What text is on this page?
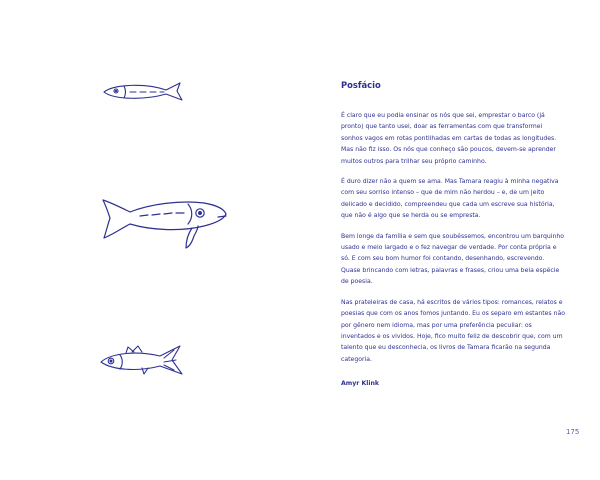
Posfácio

É claro que eu podia ensinar os nós que sei, emprestar o barco (já pronto) que tanto usei, doar as ferramentas com que transformei sonhos vagos em rotas pontilhadas em cartas de todas as longitudes. Mas não fiz isso. Os nós que conheço são poucos, devem-se aprender muitos outros para trilhar seu próprio caminho.

É duro dizer não a quem se ama. Mas Tamara reagiu à minha negativa com seu sorriso intenso – que de mim não herdou – e, de um jeito delicado e decidido, compreendeu que cada um escreve sua história, que não é algo que se herda ou se empresta.

Bem longe da família e sem que soubéssemos, encontrou um barquinho usado e meio largado e o fez navegar de verdade. Por conta própria e só. E com seu bom humor foi contando, desenhando, escrevendo. Quase brincando com letras, palavras e frases, criou uma bela espécie de poesia.

Nas prateleiras de casa, há escritos de vários tipos: romances, relatos e poesias que com os anos fomos juntando. Eu os separo em estantes não por gênero nem idioma, mas por uma preferência peculiar: os inventados e os vividos. Hoje, fico muito feliz de descobrir que, com um talento que eu desconhecia, os livros de Tamara ficarão na segunda categoria.

Amyr Klink
175
